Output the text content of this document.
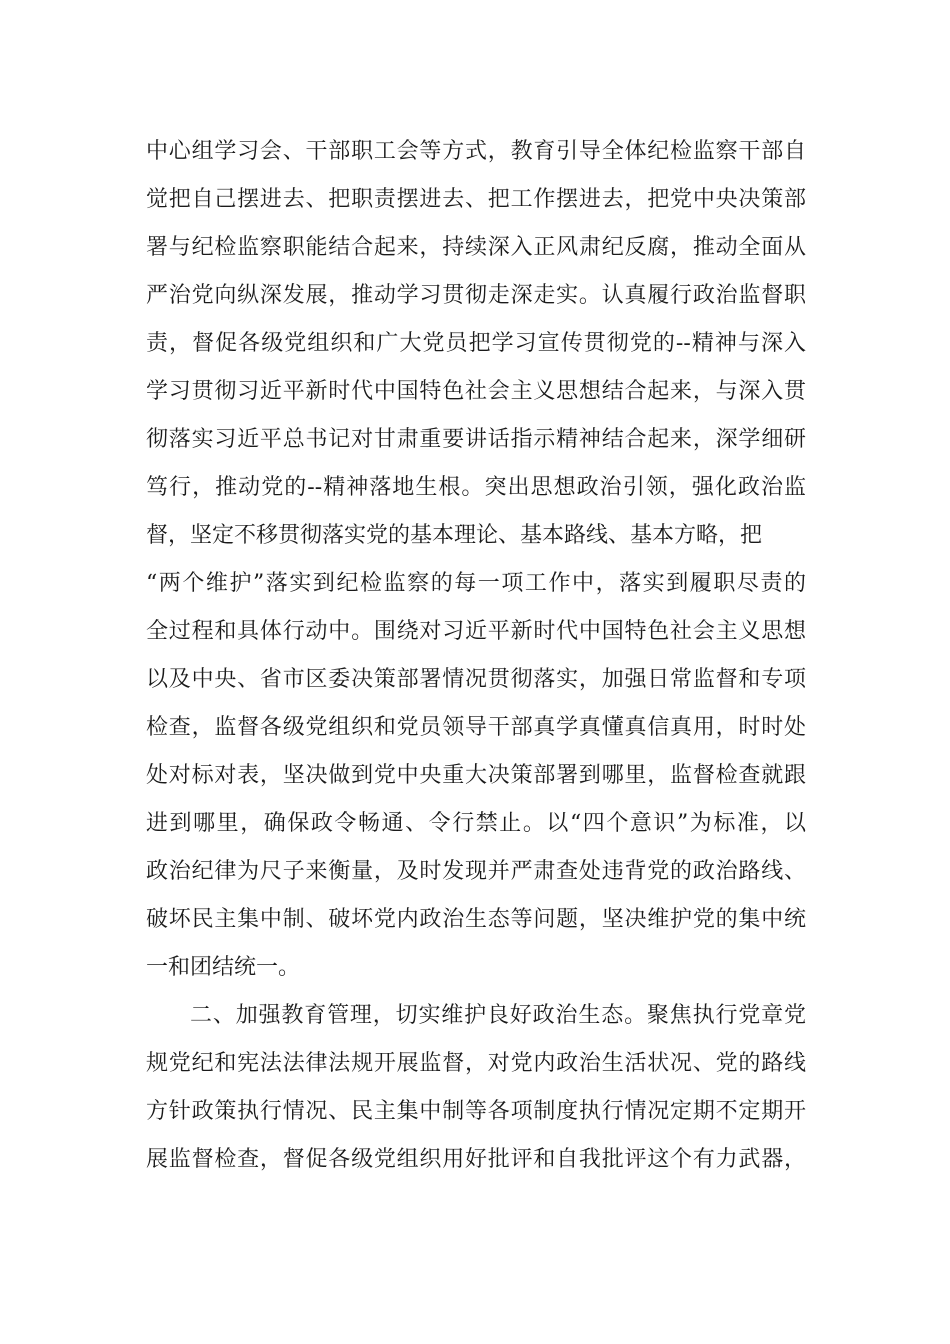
中心组学习会、干部职工会等方式，教育引导全体纪检监察干部自
觉把自己摆进去、把职责摆进去、把工作摆进去，把党中央决策部
署与纪检监察职能结合起来，持续深入正风肃纪反腐，推动全面从
严治党向纵深发展，推动学习贯彻走深走实。认真履行政治监督职
责，督促各级党组织和广大党员把学习宣传贯彻党的--精神与深入
学习贯彻习近平新时代中国特色社会主义思想结合起来，与深入贯
彻落实习近平总书记对甘肃重要讲话指示精神结合起来，深学细研
笃行，推动党的--精神落地生根。突出思想政治引领，强化政治监
督，坚定不移贯彻落实党的基本理论、基本路线、基本方略，把
“两个维护”落实到纪检监察的每一项工作中，落实到履职尽责的
全过程和具体行动中。围绕对习近平新时代中国特色社会主义思想
以及中央、省市区委决策部署情况贯彻落实，加强日常监督和专项
检查，监督各级党组织和党员领导干部真学真懂真信真用，时时处
处对标对表，坚决做到党中央重大决策部署到哪里，监督检查就跟
进到哪里，确保政令畅通、令行禁止。以“四个意识”为标准，以
政治纪律为尺子来衡量，及时发现并严肃查处违背党的政治路线、
破坏民主集中制、破坏党内政治生态等问题，坚决维护党的集中统
一和团结统一。
二、加强教育管理，切实维护良好政治生态。聚焦执行党章党
规党纪和宪法法律法规开展监督，对党内政治生活状况、党的路线
方针政策执行情况、民主集中制等各项制度执行情况定期不定期开
展监督检查，督促各级党组织用好批评和自我批评这个有力武器，
